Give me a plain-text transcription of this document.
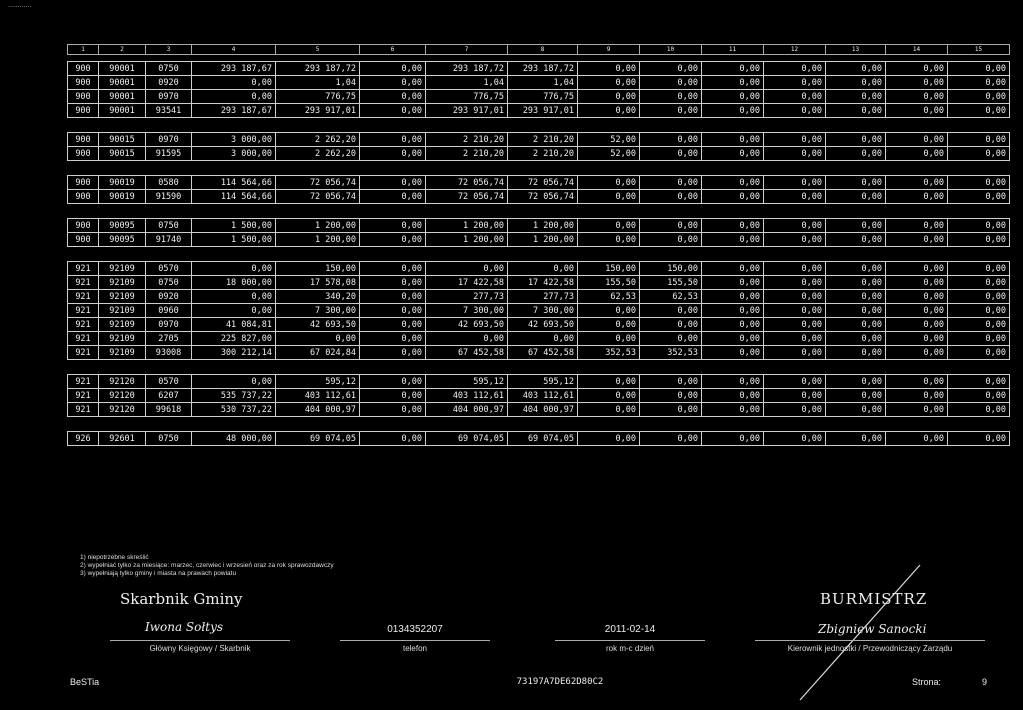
............
1	2	3	4	5	6	7	8	9	10	11	12	13	14	15

900	90001	0750	293 187,67	293 187,72	0,00	293 187,72	293 187,72	0,00	0,00	0,00	0,00	0,00	0,00	0,00
900	90001	0920	0,00	1,04	0,00	1,04	1,04	0,00	0,00	0,00	0,00	0,00	0,00	0,00
900	90001	0970	0,00	776,75	0,00	776,75	776,75	0,00	0,00	0,00	0,00	0,00	0,00	0,00
900	90001	93541	293 187,67	293 917,01	0,00	293 917,01	293 917,01	0,00	0,00	0,00	0,00	0,00	0,00	0,00

900	90015	0970	3 000,00	2 262,20	0,00	2 210,20	2 210,20	52,00	0,00	0,00	0,00	0,00	0,00	0,00
900	90015	91595	3 000,00	2 262,20	0,00	2 210,20	2 210,20	52,00	0,00	0,00	0,00	0,00	0,00	0,00

900	90019	0580	114 564,66	72 056,74	0,00	72 056,74	72 056,74	0,00	0,00	0,00	0,00	0,00	0,00	0,00
900	90019	91590	114 564,66	72 056,74	0,00	72 056,74	72 056,74	0,00	0,00	0,00	0,00	0,00	0,00	0,00

900	90095	0750	1 500,00	1 200,00	0,00	1 200,00	1 200,00	0,00	0,00	0,00	0,00	0,00	0,00	0,00
900	90095	91740	1 500,00	1 200,00	0,00	1 200,00	1 200,00	0,00	0,00	0,00	0,00	0,00	0,00	0,00

921	92109	0570	0,00	150,00	0,00	0,00	0,00	150,00	150,00	0,00	0,00	0,00	0,00	0,00
921	92109	0750	18 000,00	17 578,08	0,00	17 422,58	17 422,58	155,50	155,50	0,00	0,00	0,00	0,00	0,00
921	92109	0920	0,00	340,20	0,00	277,73	277,73	62,53	62,53	0,00	0,00	0,00	0,00	0,00
921	92109	0960	0,00	7 300,00	0,00	7 300,00	7 300,00	0,00	0,00	0,00	0,00	0,00	0,00	0,00
921	92109	0970	41 084,81	42 693,50	0,00	42 693,50	42 693,50	0,00	0,00	0,00	0,00	0,00	0,00	0,00
921	92109	2705	225 827,00	0,00	0,00	0,00	0,00	0,00	0,00	0,00	0,00	0,00	0,00	0,00
921	92109	93008	300 212,14	67 024,84	0,00	67 452,58	67 452,58	352,53	352,53	0,00	0,00	0,00	0,00	0,00

921	92120	0570	0,00	595,12	0,00	595,12	595,12	0,00	0,00	0,00	0,00	0,00	0,00	0,00
921	92120	6207	535 737,22	403 112,61	0,00	403 112,61	403 112,61	0,00	0,00	0,00	0,00	0,00	0,00	0,00
921	92120	99618	530 737,22	404 000,97	0,00	404 000,97	404 000,97	0,00	0,00	0,00	0,00	0,00	0,00	0,00

926	92601	0750	48 000,00	69 074,05	0,00	69 074,05	69 074,05	0,00	0,00	0,00	0,00	0,00	0,00	0,00
1) niepotrzebne skreślić
2) wypełniać tylko za miesiące: marzec, czerwiec i wrzesień oraz za rok sprawozdawczy
3) wypełniają tylko gminy i miasta na prawach powiatu
Skarbnik Gminy
Iwona Sołtys
Główny Księgowy / Skarbnik
0134352207
telefon
2011-02-14
rok m-c dzień
BURMISTRZ
Zbigniew Sanocki
Kierownik jednostki / Przewodniczący Zarządu
BeSTia	73197A7DE62D80C2	Strona:	9
